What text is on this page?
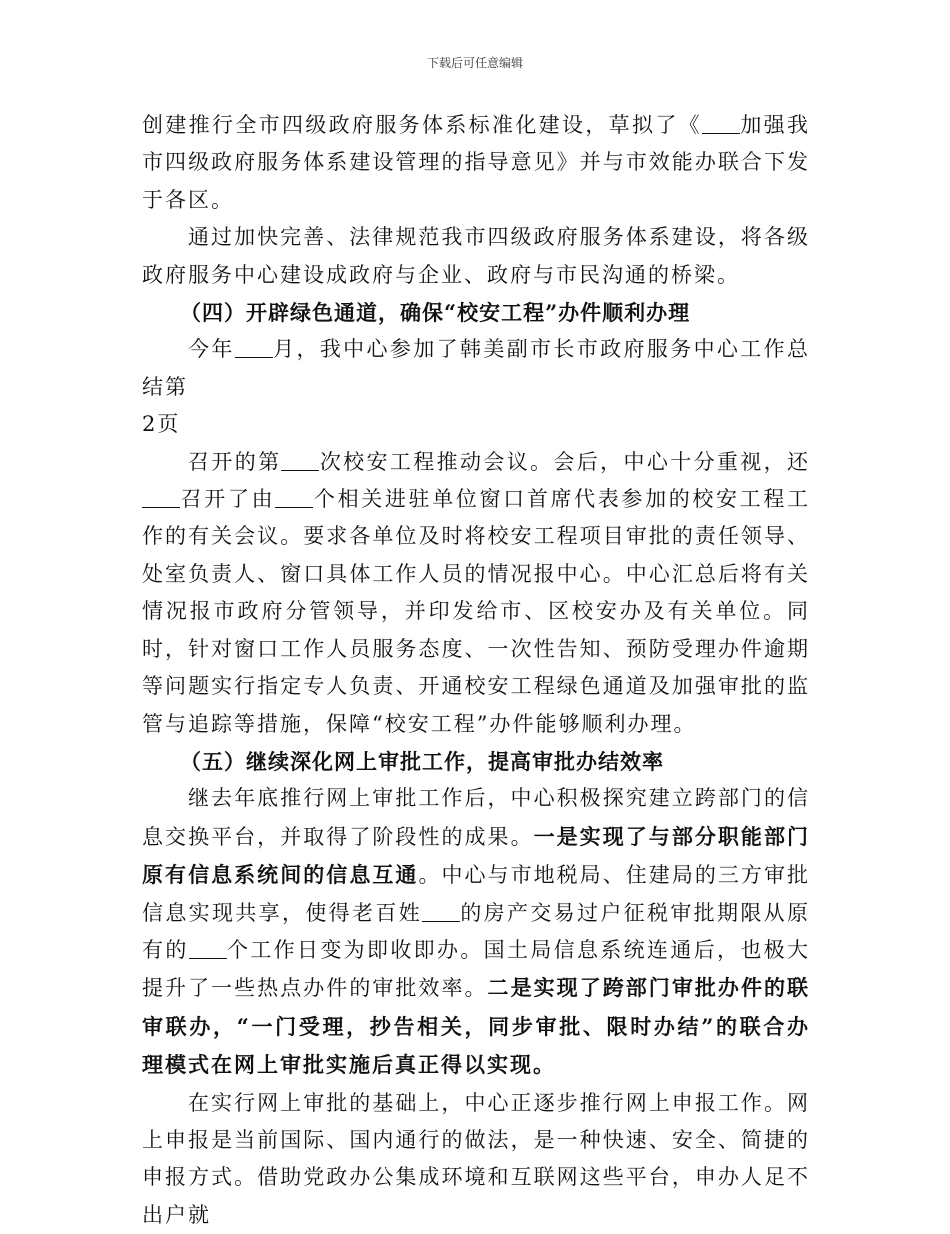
下载后可任意编辑

创建推行全市四级政府服务体系标准化建设，草拟了《 加强我市四级政府服务体系建设管理的指导意见》并与市效能办联合下发于各区。

通过加快完善、法律规范我市四级政府服务体系建设，将各级政府服务中心建设成政府与企业、政府与市民沟通的桥梁。

（四）开辟绿色通道，确保“校安工程”办件顺利办理

今年 月，我中心参加了韩美副市长市政府服务中心工作总结第

2页

召开的第 次校安工程推动会议。会后，中心十分重视，还召开了由 个相关进驻单位窗口首席代表参加的校安工程工作的有关会议。要求各单位及时将校安工程项目审批的责任领导、处室负责人、窗口具体工作人员的情况报中心。中心汇总后将有关情况报市政府分管领导，并印发给市、区校安办及有关单位。同时，针对窗口工作人员服务态度、一次性告知、预防受理办件逾期等问题实行指定专人负责、开通校安工程绿色通道及加强审批的监管与追踪等措施，保障“校安工程”办件能够顺利办理。

（五）继续深化网上审批工作，提高审批办结效率

继去年底推行网上审批工作后，中心积极探究建立跨部门的信息交换平台，并取得了阶段性的成果。一是实现了与部分职能部门原有信息系统间的信息互通。中心与市地税局、住建局的三方审批信息实现共享，使得老百姓 的房产交易过户征税审批期限从原有的 个工作日变为即收即办。国土局信息系统连通后，也极大提升了一些热点办件的审批效率。二是实现了跨部门审批办件的联审联办，“一门受理，抄告相关，同步审批、限时办结”的联合办理模式在网上审批实施后真正得以实现。

在实行网上审批的基础上，中心正逐步推行网上申报工作。网上申报是当前国际、国内通行的做法，是一种快速、安全、简捷的申报方式。借助党政办公集成环境和互联网这些平台，申办人足不出户就
